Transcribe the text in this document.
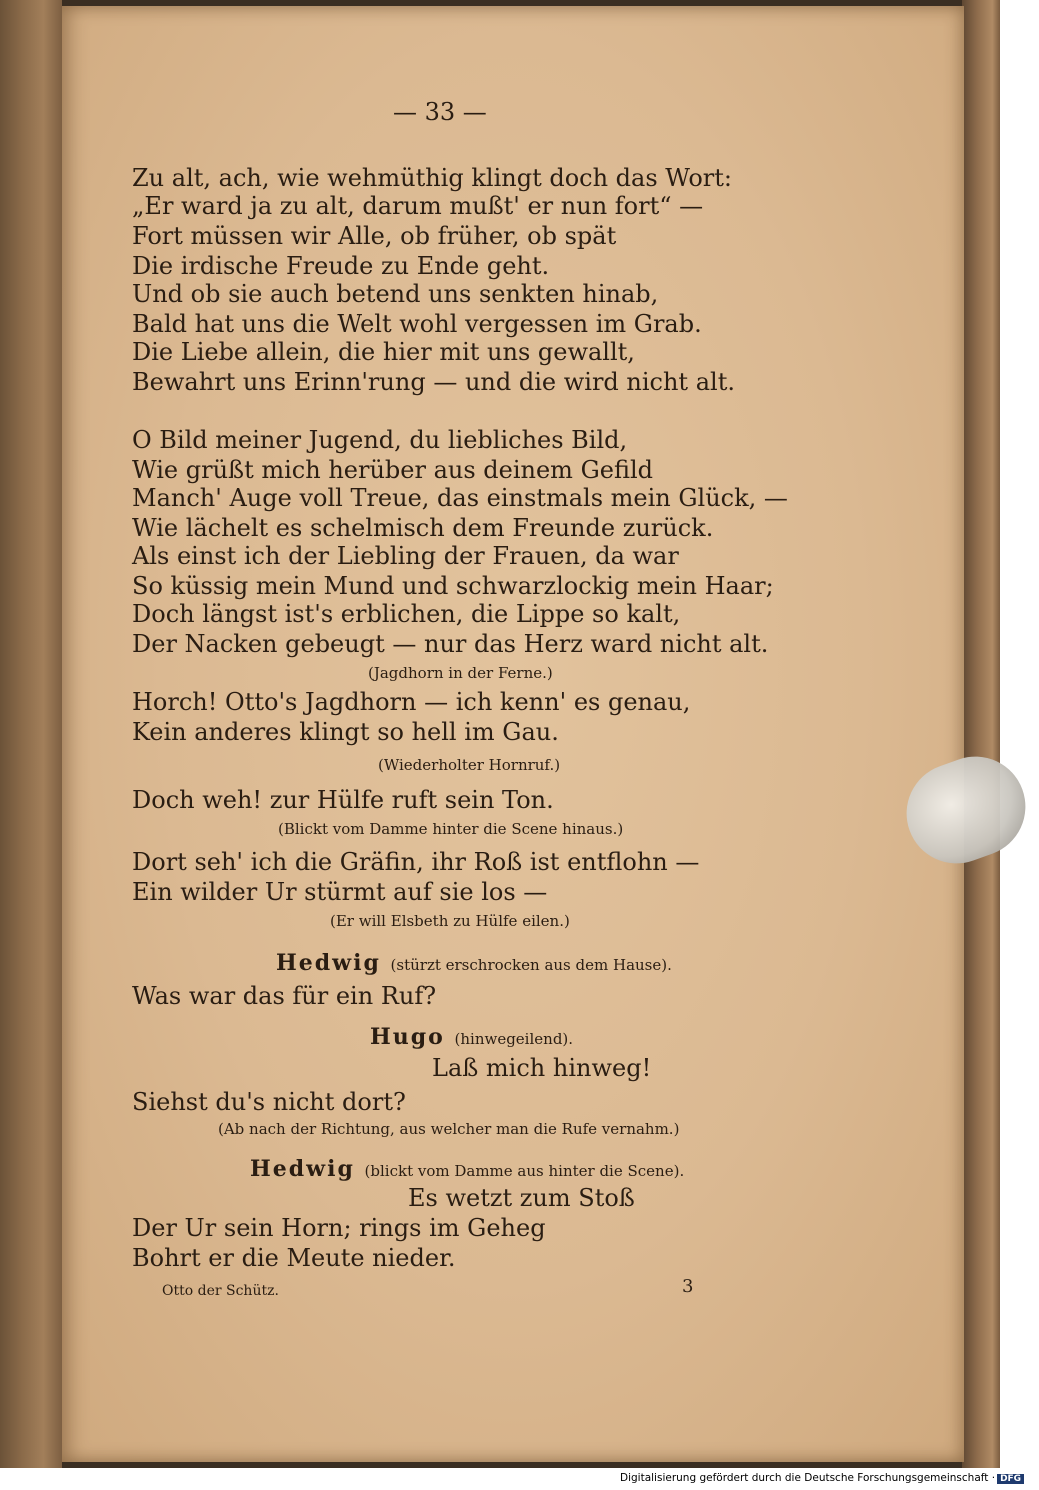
— 33 —

Zu alt, ach, wie wehmüthig klingt doch das Wort:

„Er ward ja zu alt, darum mußt' er nun fort“ —

Fort müssen wir Alle, ob früher, ob spät

Die irdische Freude zu Ende geht.

Und ob sie auch betend uns senkten hinab,

Bald hat uns die Welt wohl vergessen im Grab.

Die Liebe allein, die hier mit uns gewallt,

Bewahrt uns Erinn'rung — und die wird nicht alt.

O Bild meiner Jugend, du liebliches Bild,

Wie grüßt mich herüber aus deinem Gefild

Manch' Auge voll Treue, das einstmals mein Glück, —

Wie lächelt es schelmisch dem Freunde zurück.

Als einst ich der Liebling der Frauen, da war

So küssig mein Mund und schwarzlockig mein Haar;

Doch längst ist's erblichen, die Lippe so kalt,

Der Nacken gebeugt — nur das Herz ward nicht alt.

(Jagdhorn in der Ferne.)

Horch! Otto's Jagdhorn — ich kenn' es genau,

Kein anderes klingt so hell im Gau.

(Wiederholter Hornruf.)

Doch weh! zur Hülfe ruft sein Ton.

(Blickt vom Damme hinter die Scene hinaus.)

Dort seh' ich die Gräfin, ihr Roß ist entflohn —

Ein wilder Ur stürmt auf sie los —

(Er will Elsbeth zu Hülfe eilen.)

Hedwig (stürzt erschrocken aus dem Hause).

Was war das für ein Ruf?

Hugo (hinwegeilend).

Laß mich hinweg!

Siehst du's nicht dort?

(Ab nach der Richtung, aus welcher man die Rufe vernahm.)

Hedwig (blickt vom Damme aus hinter die Scene).

Es wetzt zum Stoß

Der Ur sein Horn; rings im Geheg

Bohrt er die Meute nieder.

Otto der Schütz.	3

Digitalisierung gefördert durch die Deutsche Forschungsgemeinschaft · DFG
